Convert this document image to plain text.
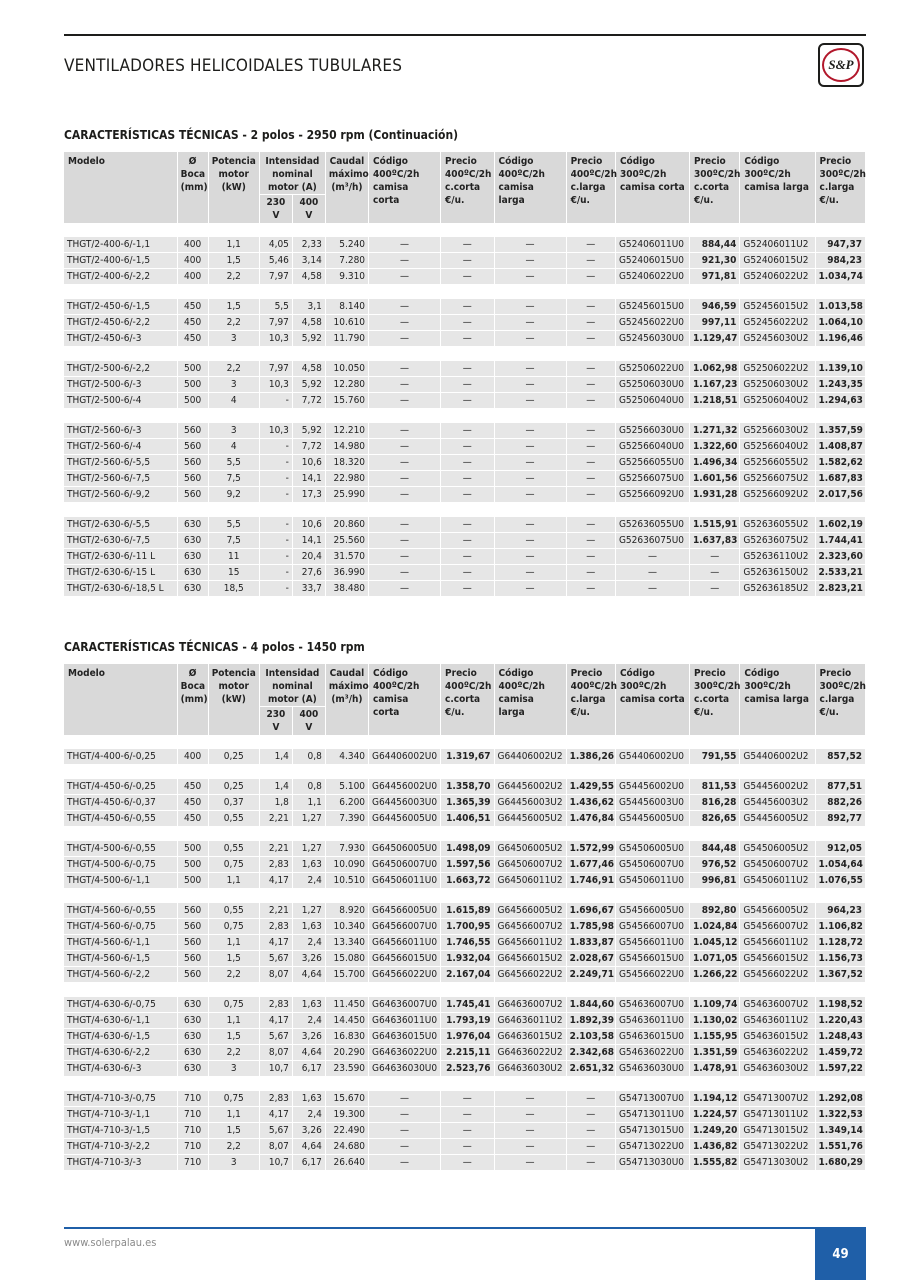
VENTILADORES HELICOIDALES TUBULARES	S&P
CARACTERÍSTICAS TÉCNICAS - 2 polos - 2950 rpm (Continuación)
Modelo	Ø Boca (mm)	Potencia motor (kW)	Intensidad nominal motor (A)		Caudal máximo (m³/h)	Código 400ºC/2h camisa corta	Precio 400ºC/2h c.corta €/u.	Código 400ºC/2h camisa larga	Precio 400ºC/2h c.larga €/u.	Código 300ºC/2h camisa corta	Precio 300ºC/2h c.corta €/u.	Código 300ºC/2h camisa larga	Precio 300ºC/2h c.larga €/u.
			230 V	400 V									

THGT/2-400-6/-1,1	400	1,1	4,05	2,33	5.240	—	—	—	—	G52406011U0	884,44	G52406011U2	947,37
THGT/2-400-6/-1,5	400	1,5	5,46	3,14	7.280	—	—	—	—	G52406015U0	921,30	G52406015U2	984,23
THGT/2-400-6/-2,2	400	2,2	7,97	4,58	9.310	—	—	—	—	G52406022U0	971,81	G52406022U2	1.034,74

THGT/2-450-6/-1,5	450	1,5	5,5	3,1	8.140	—	—	—	—	G52456015U0	946,59	G52456015U2	1.013,58
THGT/2-450-6/-2,2	450	2,2	7,97	4,58	10.610	—	—	—	—	G52456022U0	997,11	G52456022U2	1.064,10
THGT/2-450-6/-3	450	3	10,3	5,92	11.790	—	—	—	—	G52456030U0	1.129,47	G52456030U2	1.196,46

THGT/2-500-6/-2,2	500	2,2	7,97	4,58	10.050	—	—	—	—	G52506022U0	1.062,98	G52506022U2	1.139,10
THGT/2-500-6/-3	500	3	10,3	5,92	12.280	—	—	—	—	G52506030U0	1.167,23	G52506030U2	1.243,35
THGT/2-500-6/-4	500	4	-	7,72	15.760	—	—	—	—	G52506040U0	1.218,51	G52506040U2	1.294,63

THGT/2-560-6/-3	560	3	10,3	5,92	12.210	—	—	—	—	G52566030U0	1.271,32	G52566030U2	1.357,59
THGT/2-560-6/-4	560	4	-	7,72	14.980	—	—	—	—	G52566040U0	1.322,60	G52566040U2	1.408,87
THGT/2-560-6/-5,5	560	5,5	-	10,6	18.320	—	—	—	—	G52566055U0	1.496,34	G52566055U2	1.582,62
THGT/2-560-6/-7,5	560	7,5	-	14,1	22.980	—	—	—	—	G52566075U0	1.601,56	G52566075U2	1.687,83
THGT/2-560-6/-9,2	560	9,2	-	17,3	25.990	—	—	—	—	G52566092U0	1.931,28	G52566092U2	2.017,56

THGT/2-630-6/-5,5	630	5,5	-	10,6	20.860	—	—	—	—	G52636055U0	1.515,91	G52636055U2	1.602,19
THGT/2-630-6/-7,5	630	7,5	-	14,1	25.560	—	—	—	—	G52636075U0	1.637,83	G52636075U2	1.744,41
THGT/2-630-6/-11 L	630	11	-	20,4	31.570	—	—	—	—	—	—	G52636110U2	2.323,60
THGT/2-630-6/-15 L	630	15	-	27,6	36.990	—	—	—	—	—	—	G52636150U2	2.533,21
THGT/2-630-6/-18,5 L	630	18,5	-	33,7	38.480	—	—	—	—	—	—	G52636185U2	2.823,21
CARACTERÍSTICAS TÉCNICAS - 4 polos - 1450 rpm
Modelo	Ø Boca (mm)	Potencia motor (kW)	Intensidad nominal motor (A)		Caudal máximo (m³/h)	Código 400ºC/2h camisa corta	Precio 400ºC/2h c.corta €/u.	Código 400ºC/2h camisa larga	Precio 400ºC/2h c.larga €/u.	Código 300ºC/2h camisa corta	Precio 300ºC/2h c.corta €/u.	Código 300ºC/2h camisa larga	Precio 300ºC/2h c.larga €/u.
			230 V	400 V									

THGT/4-400-6/-0,25	400	0,25	1,4	0,8	4.340	G64406002U0	1.319,67	G64406002U2	1.386,26	G54406002U0	791,55	G54406002U2	857,52

THGT/4-450-6/-0,25	450	0,25	1,4	0,8	5.100	G64456002U0	1.358,70	G64456002U2	1.429,55	G54456002U0	811,53	G54456002U2	877,51
THGT/4-450-6/-0,37	450	0,37	1,8	1,1	6.200	G64456003U0	1.365,39	G64456003U2	1.436,62	G54456003U0	816,28	G54456003U2	882,26
THGT/4-450-6/-0,55	450	0,55	2,21	1,27	7.390	G64456005U0	1.406,51	G64456005U2	1.476,84	G54456005U0	826,65	G54456005U2	892,77

THGT/4-500-6/-0,55	500	0,55	2,21	1,27	7.930	G64506005U0	1.498,09	G64506005U2	1.572,99	G54506005U0	844,48	G54506005U2	912,05
THGT/4-500-6/-0,75	500	0,75	2,83	1,63	10.090	G64506007U0	1.597,56	G64506007U2	1.677,46	G54506007U0	976,52	G54506007U2	1.054,64
THGT/4-500-6/-1,1	500	1,1	4,17	2,4	10.510	G64506011U0	1.663,72	G64506011U2	1.746,91	G54506011U0	996,81	G54506011U2	1.076,55

THGT/4-560-6/-0,55	560	0,55	2,21	1,27	8.920	G64566005U0	1.615,89	G64566005U2	1.696,67	G54566005U0	892,80	G54566005U2	964,23
THGT/4-560-6/-0,75	560	0,75	2,83	1,63	10.340	G64566007U0	1.700,95	G64566007U2	1.785,98	G54566007U0	1.024,84	G54566007U2	1.106,82
THGT/4-560-6/-1,1	560	1,1	4,17	2,4	13.340	G64566011U0	1.746,55	G64566011U2	1.833,87	G54566011U0	1.045,12	G54566011U2	1.128,72
THGT/4-560-6/-1,5	560	1,5	5,67	3,26	15.080	G64566015U0	1.932,04	G64566015U2	2.028,67	G54566015U0	1.071,05	G54566015U2	1.156,73
THGT/4-560-6/-2,2	560	2,2	8,07	4,64	15.700	G64566022U0	2.167,04	G64566022U2	2.249,71	G54566022U0	1.266,22	G54566022U2	1.367,52

THGT/4-630-6/-0,75	630	0,75	2,83	1,63	11.450	G64636007U0	1.745,41	G64636007U2	1.844,60	G54636007U0	1.109,74	G54636007U2	1.198,52
THGT/4-630-6/-1,1	630	1,1	4,17	2,4	14.450	G64636011U0	1.793,19	G64636011U2	1.892,39	G54636011U0	1.130,02	G54636011U2	1.220,43
THGT/4-630-6/-1,5	630	1,5	5,67	3,26	16.830	G64636015U0	1.976,04	G64636015U2	2.103,58	G54636015U0	1.155,95	G54636015U2	1.248,43
THGT/4-630-6/-2,2	630	2,2	8,07	4,64	20.290	G64636022U0	2.215,11	G64636022U2	2.342,68	G54636022U0	1.351,59	G54636022U2	1.459,72
THGT/4-630-6/-3	630	3	10,7	6,17	23.590	G64636030U0	2.523,76	G64636030U2	2.651,32	G54636030U0	1.478,91	G54636030U2	1.597,22

THGT/4-710-3/-0,75	710	0,75	2,83	1,63	15.670	—	—	—	—	G54713007U0	1.194,12	G54713007U2	1.292,08
THGT/4-710-3/-1,1	710	1,1	4,17	2,4	19.300	—	—	—	—	G54713011U0	1.224,57	G54713011U2	1.322,53
THGT/4-710-3/-1,5	710	1,5	5,67	3,26	22.490	—	—	—	—	G54713015U0	1.249,20	G54713015U2	1.349,14
THGT/4-710-3/-2,2	710	2,2	8,07	4,64	24.680	—	—	—	—	G54713022U0	1.436,82	G54713022U2	1.551,76
THGT/4-710-3/-3	710	3	10,7	6,17	26.640	—	—	—	—	G54713030U0	1.555,82	G54713030U2	1.680,29
www.solerpalau.es
49
